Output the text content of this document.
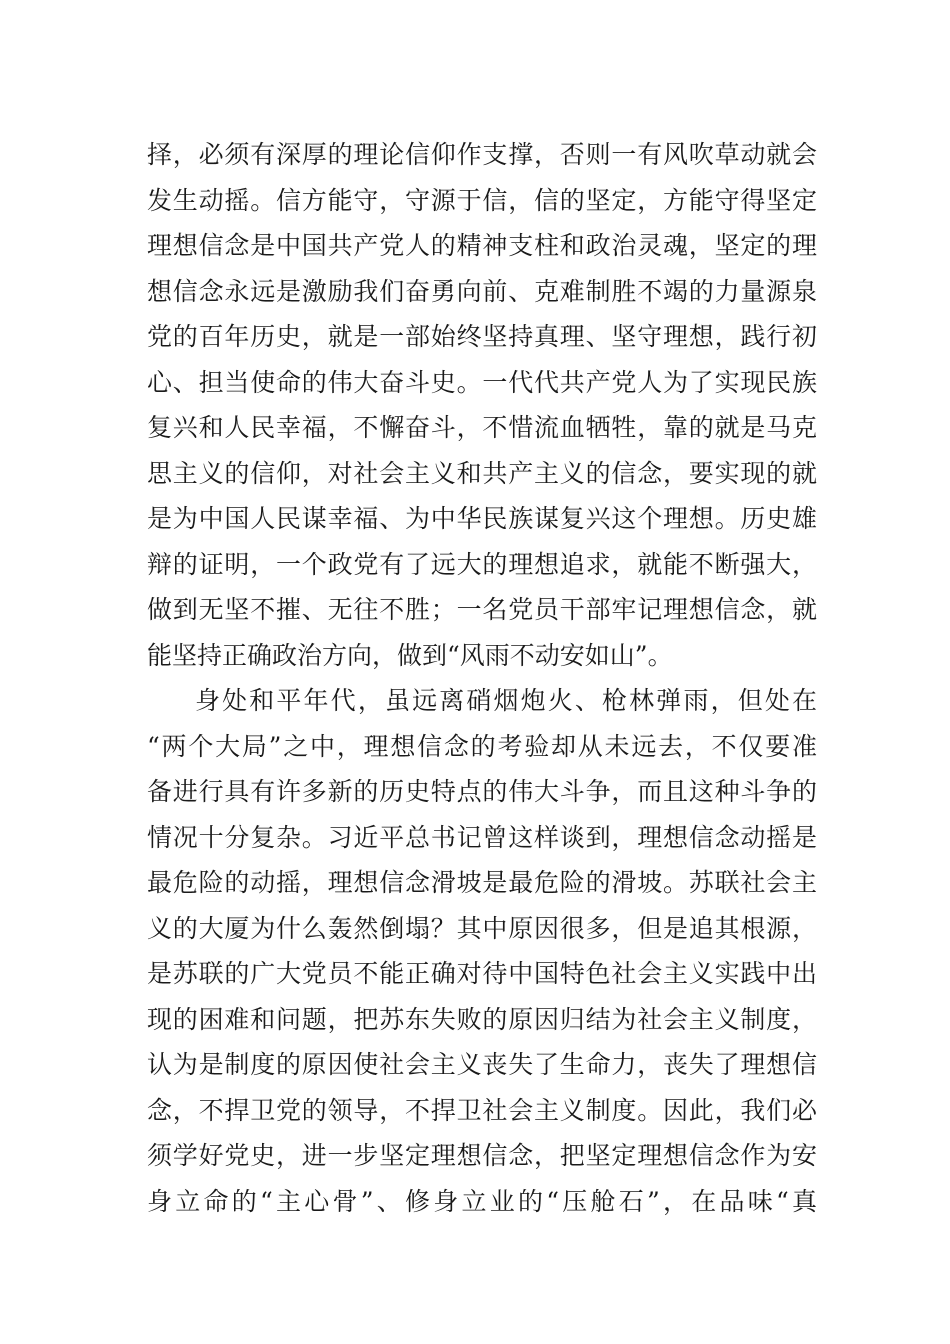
择，必须有深厚的理论信仰作支撑，否则一有风吹草动就会
发生动摇。信方能守，守源于信，信的坚定，方能守得坚定
理想信念是中国共产党人的精神支柱和政治灵魂，坚定的理
想信念永远是激励我们奋勇向前、克难制胜不竭的力量源泉
党的百年历史，就是一部始终坚持真理、坚守理想，践行初
心、担当使命的伟大奋斗史。一代代共产党人为了实现民族
复兴和人民幸福，不懈奋斗，不惜流血牺牲，靠的就是马克
思主义的信仰，对社会主义和共产主义的信念，要实现的就
是为中国人民谋幸福、为中华民族谋复兴这个理想。历史雄
辩的证明，一个政党有了远大的理想追求，就能不断强大，
做到无坚不摧、无往不胜；一名党员干部牢记理想信念，就
能坚持正确政治方向，做到“风雨不动安如山”。
身处和平年代，虽远离硝烟炮火、枪林弹雨，但处在
“两个大局”之中，理想信念的考验却从未远去，不仅要准
备进行具有许多新的历史特点的伟大斗争，而且这种斗争的
情况十分复杂。习近平总书记曾这样谈到，理想信念动摇是
最危险的动摇，理想信念滑坡是最危险的滑坡。苏联社会主
义的大厦为什么轰然倒塌？其中原因很多，但是追其根源，
是苏联的广大党员不能正确对待中国特色社会主义实践中出
现的困难和问题，把苏东失败的原因归结为社会主义制度，
认为是制度的原因使社会主义丧失了生命力，丧失了理想信
念，不捍卫党的领导，不捍卫社会主义制度。因此，我们必
须学好党史，进一步坚定理想信念，把坚定理想信念作为安
身立命的“主心骨”、修身立业的“压舱石”，在品味“真
